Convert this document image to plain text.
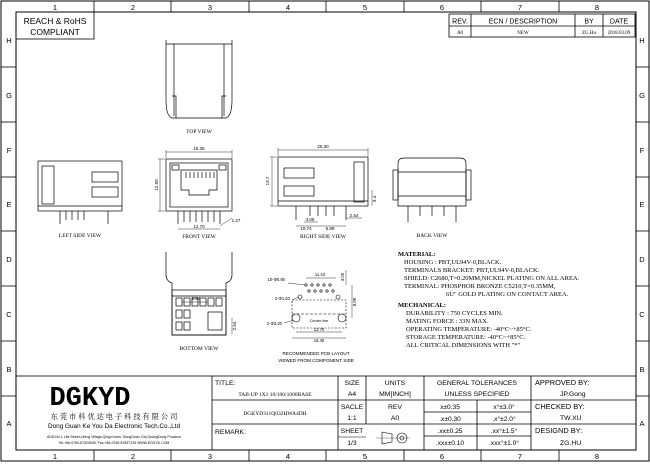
1	2	3	4	5	6	7	8
1	2	3	4	5	6	7	8
H
G
F
E
D
C
B
A
H
G
F
E
D
C
B
A
REACH & RoHS
COMPLIANT
REV.	ECN / DESCRIPTION	BY DATE
A0	NEW	ZG.Hu 2018.03.09
TOP VIEW
LEFT SIDE VIEW
16.35
12.50
12.70
1.27
FRONT VIEW
25.30
13.7
3.05
10.74	6.89
2.54
3.4
RIGHT SIDE VIEW	BACK VIEW
2.54
2.54
BOTTOM VIEW
11.43
8.89
3.05
10-Φ0.90
2-Φ1.63
2-Φ3.20
12.70
16.40
Center line
RECOMMENDED PCB LAYOUT
VIEWED FROM COMPONENT SIDE
MATERIAL:
HOUSING : PBT,UL94V-0,BLACK.
TERMINALS BRACKET: PBT,UL94V-0,BLACK.
SHIELD: C2680,T=0.20MM,NICKEL PLATING ON ALL AREA.
TERMINAL: PHOSPHOR BRONZE C5210,T=0.35MM,
6U" GOLD PLATING ON CONTACT AREA.
MECHANICAL:
DURABILITY : 750 CYCLES MIN.
MATING FORCE : 33N MAX.
OPERATING TEMPERATURE: -40°C~+85°C.
STORAGE TEMPERATURE: -40°C~+85°C.
ALL CRITICAL DIMENSIONS WITH "*"
DGKYD
东 莞 市 科 优 达 电 子 科 技 有 限 公 司
Dong Guan Ke You Da Electronic Tech.Co.,Ltd
ADD:No.1 Life Street,Lifeng Village,Qingxi town, DongGuan City,GuangDong Province
Tel:+86-0769-87320605, Fax:+86-0769-87847125 WWW.DGKYD.COM
TITLE:
TAB-UP 1X1 10/100/1000BASE
DGKYD311Q032HWA4DH
REMARK:
SIZE
A4
UNITS
MM[INCH]
SACLE
1:1
REV
A0
SHEET
1/3
GENERAL TOLERANCES
UNLESS SPECIFIED
x±0.35	x°±3.0°
.x±0.30	.x°±2.0°
.xx±0.25	.xx°±1.5°
.xxx±0.10	.xxx°±1.0°
APPROVED BY:
JP.Gong
CHECKED BY:
TW.XU
DESIGND BY:
ZG.HU
